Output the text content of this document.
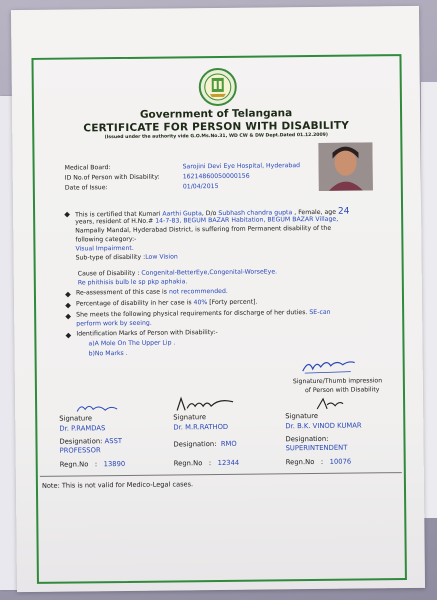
Government of Telangana
CERTIFICATE FOR PERSON WITH DISABILITY
(Issued under the authority vide G.O.Ms.No.31, WD CW & DW Dept.Dated 01.12.2009)
Medical Board:	Sarojini Devi Eye Hospital, Hyderabad
ID No.of Person with Disability:	16214860050000156
Date of Issue:	01/04/2015
This is certified that Kumari Aarthi Gupta, D/o Subhash chandra gupta , Female, age 24
years, resident of H.No.# 14-7-83, BEGUM BAZAR Habitation, BEGUM BAZAR Village,
Nampally Mandal, Hyderabad District, is suffering from Permanent disability of the
following category:-
Visual Impairment.
Sub-type of disability :Low Vision
Cause of Disability : Congenital-BetterEye,Congenital-WorseEye.
Re phithisis bulb le sp pkp aphakia.
Re-assessment of this case is not recommended.
Percentage of disability in her case is 40% [Forty percent].
She meets the following physical requirements for discharge of her duties. SE-can
perform work by seeing.
Identification Marks of Person with Disability:-
a)A Mole On The Upper Lip .
b)No Marks .
Signature/Thumb impression
of Person with Disability
Signature
Dr. P.RAMDAS
Designation: ASST
PROFESSOR
Regn.No : 13890
Signature
Dr. M.R.RATHOD
Designation: RMO
Regn.No : 12344
Signature
Dr. B.K. VINOD KUMAR
Designation:
SUPERINTENDENT
Regn.No : 10076
Note: This is not valid for Medico-Legal cases.
